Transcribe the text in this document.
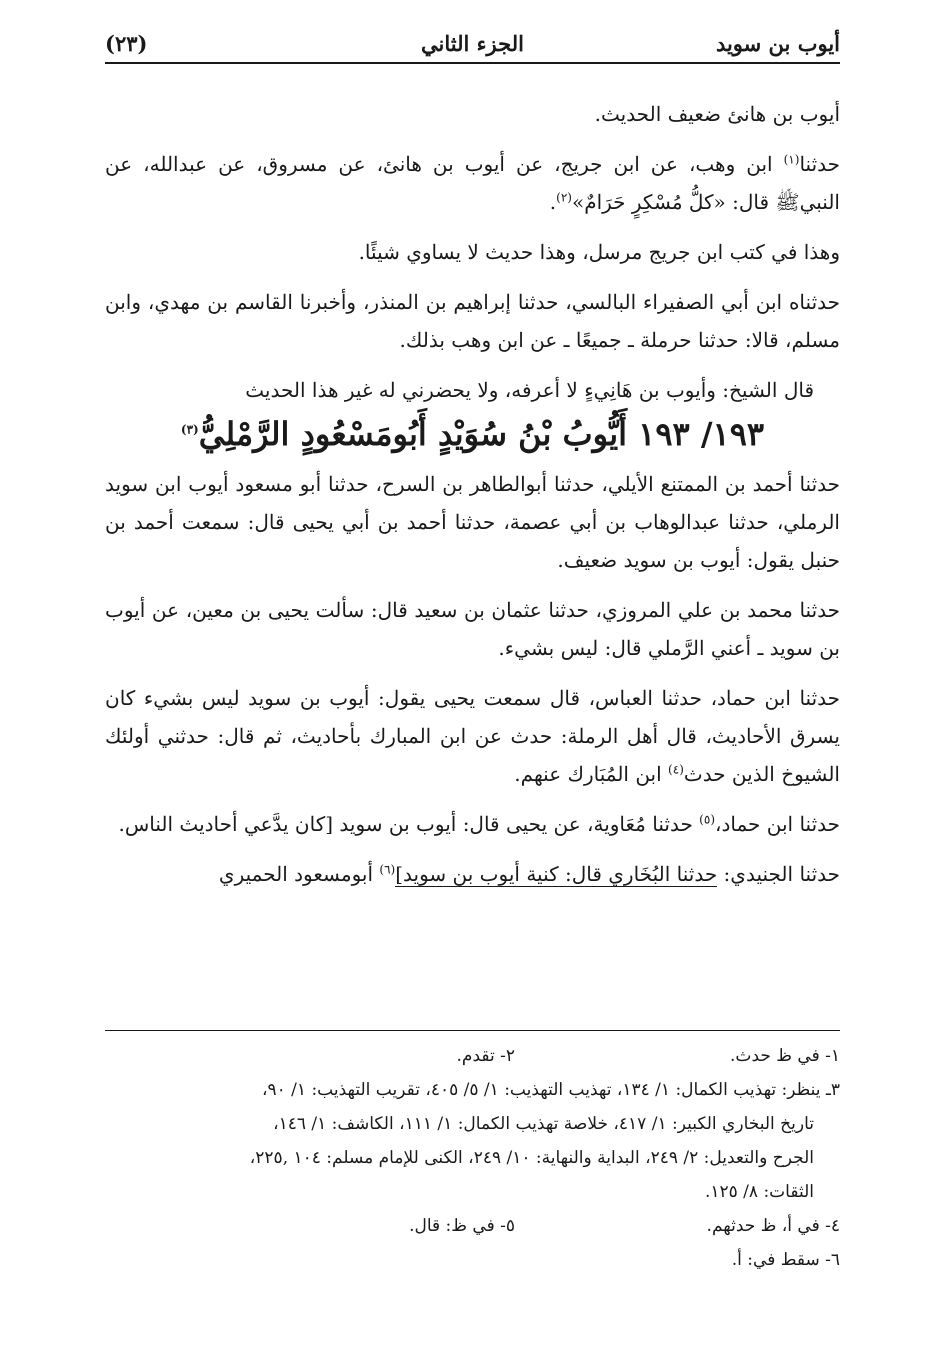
أيوب بن سويد
الجزء الثاني
(٢٣)

أيوب بن هانئ ضعيف الحديث.

حدثنا$^{(١)}$ ابن وهب، عن ابن جريج، عن أيوب بن هانئ، عن مسروق، عن عبدالله، عن النبيﷺ قال: «كلُّ مُسْكِرٍ حَرَامٌ»$^{(٢)}$.

وهذا في كتب ابن جريج مرسل، وهذا حديث لا يساوي شيئًا.

حدثناه ابن أبي الصفيراء البالسي، حدثنا إبراهيم بن المنذر، وأخبرنا القاسم بن مهدي، وابن مسلم، قالا: حدثنا حرملة ـ جميعًا ـ عن ابن وهب بذلك.

قال الشيخ: وأيوب بن هَانِيءٍ لا أعرفه، ولا يحضرني له غير هذا الحديث

١٩٣/ ١٩٣ أَيُّوبُ بْنُ سُوَيْدٍ أَبُومَسْعُودٍ الرَّمْلِيُّ$^{(٣)}$

حدثنا أحمد بن الممتنع الأيلي، حدثنا أبوالطاهر بن السرح، حدثنا أبو مسعود أيوب ابن سويد الرملي، حدثنا عبدالوهاب بن أبي عصمة، حدثنا أحمد بن أبي يحيى قال: سمعت أحمد بن حنبل يقول: أيوب بن سويد ضعيف.

حدثنا محمد بن علي المروزي، حدثنا عثمان بن سعيد قال: سألت يحيى بن معين، عن أيوب بن سويد ـ أعني الرَّملي قال: ليس بشيء.

حدثنا ابن حماد، حدثنا العباس، قال سمعت يحيى يقول: أيوب بن سويد ليس بشيء كان يسرق الأحاديث، قال أهل الرملة: حدث عن ابن المبارك بأحاديث، ثم قال: حدثني أولئك الشيوخ الذين حدث$^{(٤)}$ ابن المُبَارك عنهم.

حدثنا ابن حماد،$^{(٥)}$ حدثنا مُعَاوية، عن يحيى قال: أيوب بن سويد [كان يدَّعي أحاديث الناس.

حدثنا الجنيدي: حدثنا البُخَاري قال: كنية أيوب بن سويد]$^{(٦)}$ أبومسعود الحميري

١- في ظ حدث.
٢- تقدم.
٣ـ ينظر: تهذيب الكمال: ١/ ١٣٤، تهذيب التهذيب: ١/ ٥/ ٤٠٥، تقريب التهذيب: ١/ ٩٠،
تاريخ البخاري الكبير: ١/ ٤١٧، خلاصة تهذيب الكمال: ١/ ١١١، الكاشف: ١/ ١٤٦،
الجرح والتعديل: ٢/ ٢٤٩، البداية والنهاية: ١٠/ ٢٤٩، الكنى للإمام مسلم: ١٠٤ ,٢٢٥،
الثقات: ٨/ ١٢٥.
٤- في أ، ظ حدثهم.
٥- في ظ: قال.
٦- سقط في: أ.
